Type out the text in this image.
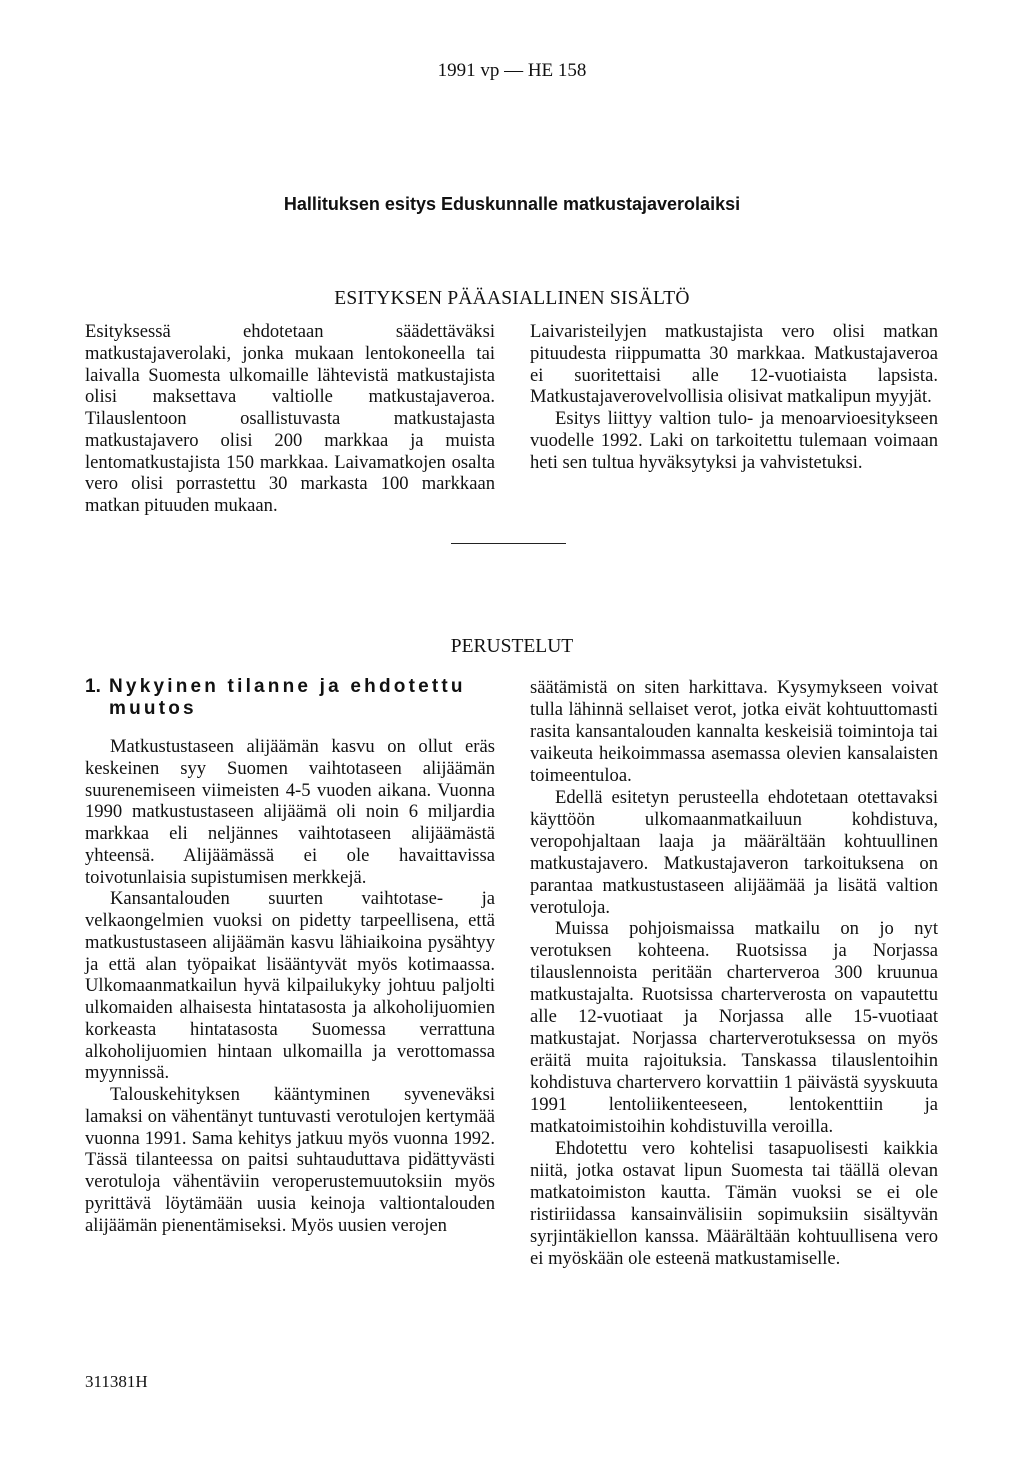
1991 vp — HE 158
Hallituksen esitys Eduskunnalle matkustajaverolaiksi
ESITYKSEN PÄÄASIALLINEN SISÄLTÖ

Esityksessä ehdotetaan säädettäväksi matkustajaverolaki, jonka mukaan lentokoneella tai laivalla Suomesta ulkomaille lähtevistä matkustajista olisi maksettava valtiolle matkustajaveroa. Tilauslentoon osallistuvasta matkustajasta matkustajavero olisi 200 markkaa ja muista lentomatkustajista 150 markkaa. Laivamatkojen osalta vero olisi porrastettu 30 markasta 100 markkaan matkan pituuden mukaan.

Laivaristeilyjen matkustajista vero olisi matkan pituudesta riippumatta 30 markkaa. Matkustajaveroa ei suoritettaisi alle 12-vuotiaista lapsista. Matkustajaverovelvollisia olisivat matkalipun myyjät.

Esitys liittyy valtion tulo- ja menoarvioesitykseen vuodelle 1992. Laki on tarkoitettu tulemaan voimaan heti sen tultua hyväksytyksi ja vahvistetuksi.

PERUSTELUT
1. Nykyinen tilanne ja ehdotettu muutos

Matkustustaseen alijäämän kasvu on ollut eräs keskeinen syy Suomen vaihtotaseen alijäämän suurenemiseen viimeisten 4-5 vuoden aikana. Vuonna 1990 matkustustaseen alijäämä oli noin 6 miljardia markkaa eli neljännes vaihtotaseen alijäämästä yhteensä. Alijäämässä ei ole havaittavissa toivotunlaisia supistumisen merkkejä.

Kansantalouden suurten vaihtotase- ja velkaongelmien vuoksi on pidetty tarpeellisena, että matkustustaseen alijäämän kasvu lähiaikoina pysähtyy ja että alan työpaikat lisääntyvät myös kotimaassa. Ulkomaanmatkailun hyvä kilpailukyky johtuu paljolti ulkomaiden alhaisesta hintatasosta ja alkoholijuomien korkeasta hintatasosta Suomessa verrattuna alkoholijuomien hintaan ulkomailla ja verottomassa myynnissä.

Talouskehityksen kääntyminen syveneväksi lamaksi on vähentänyt tuntuvasti verotulojen kertymää vuonna 1991. Sama kehitys jatkuu myös vuonna 1992. Tässä tilanteessa on paitsi suhtauduttava pidättyvästi verotuloja vähentäviin veroperustemuutoksiin myös pyrittävä löytämään uusia keinoja valtiontalouden alijäämän pienentämiseksi. Myös uusien verojen

säätämistä on siten harkittava. Kysymykseen voivat tulla lähinnä sellaiset verot, jotka eivät kohtuuttomasti rasita kansantalouden kannalta keskeisiä toimintoja tai vaikeuta heikoimmassa asemassa olevien kansalaisten toimeentuloa.

Edellä esitetyn perusteella ehdotetaan otettavaksi käyttöön ulkomaanmatkailuun kohdistuva, veropohjaltaan laaja ja määrältään kohtuullinen matkustajavero. Matkustajaveron tarkoituksena on parantaa matkustustaseen alijäämää ja lisätä valtion verotuloja.

Muissa pohjoismaissa matkailu on jo nyt verotuksen kohteena. Ruotsissa ja Norjassa tilauslennoista peritään charterveroa 300 kruunua matkustajalta. Ruotsissa charterverosta on vapautettu alle 12-vuotiaat ja Norjassa alle 15-vuotiaat matkustajat. Norjassa charterverotuksessa on myös eräitä muita rajoituksia. Tanskassa tilauslentoihin kohdistuva chartervero korvattiin 1 päivästä syyskuuta 1991 lentoliikenteeseen, lentokenttiin ja matkatoimistoihin kohdistuvilla veroilla.

Ehdotettu vero kohtelisi tasapuolisesti kaikkia niitä, jotka ostavat lipun Suomesta tai täällä olevan matkatoimiston kautta. Tämän vuoksi se ei ole ristiriidassa kansainvälisiin sopimuksiin sisältyvän syrjintäkiellon kanssa. Määrältään kohtuullisena vero ei myöskään ole esteenä matkustamiselle.

311381H
